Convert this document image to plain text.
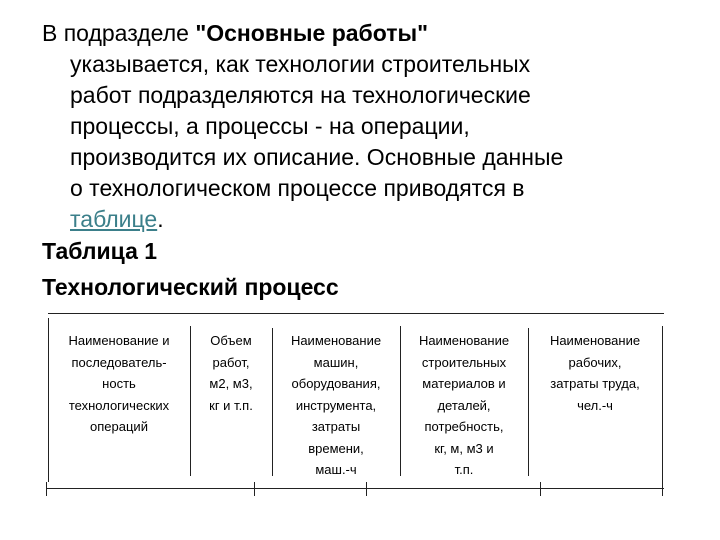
В подразделе "Основные работы"
указывается, как технологии строительных
работ подразделяются на технологические
процессы, а процессы - на операции,
производится их описание. Основные данные
о технологическом процессе приводятся в
таблице.
Таблица 1
Технологический процесс
Наименование и
последователь-
ность
технологических
операций
Объем
работ,
м2, м3,
кг и т.п.
Наименование
машин,
оборудования,
инструмента,
затраты
времени,
маш.-ч
Наименование
строительных
материалов и
деталей,
потребность,
кг, м, м3 и
т.п.
Наименование
рабочих,
затраты труда,
чел.-ч
